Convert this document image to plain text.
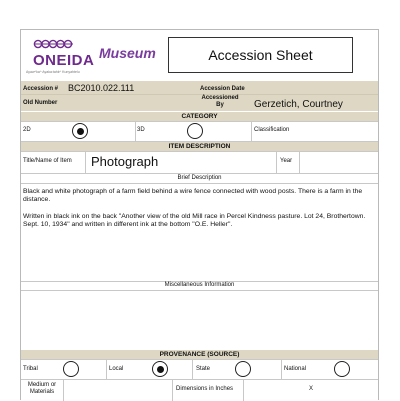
ONEIDA
Ayaw^ka^ Ayaka:tahk^ Kunyahtelu
Museum	Accession Sheet
Accession # BC2010.022.111	Accession Date
Old Number
Accessioned By	Gerzetich, Courtney
CATEGORY
2D	3D	Classification
ITEM DESCRIPTION
Title/Name of Item Photograph	Year
Brief Description
Black and white photograph of a farm field behind a wire fence connected with wood posts. There is a farm in the distance.
Written in black ink on the back "Another view of the old Mill race in Percel Kindness pasture. Lot 24, Brothertown. Sept. 10, 1934" and written in different ink at the bottom "O.E. Heller".
Miscellaneous Information
PROVENANCE (SOURCE)
Tribal	Local	State	National
Medium or Materials	Dimensions in Inches	X
